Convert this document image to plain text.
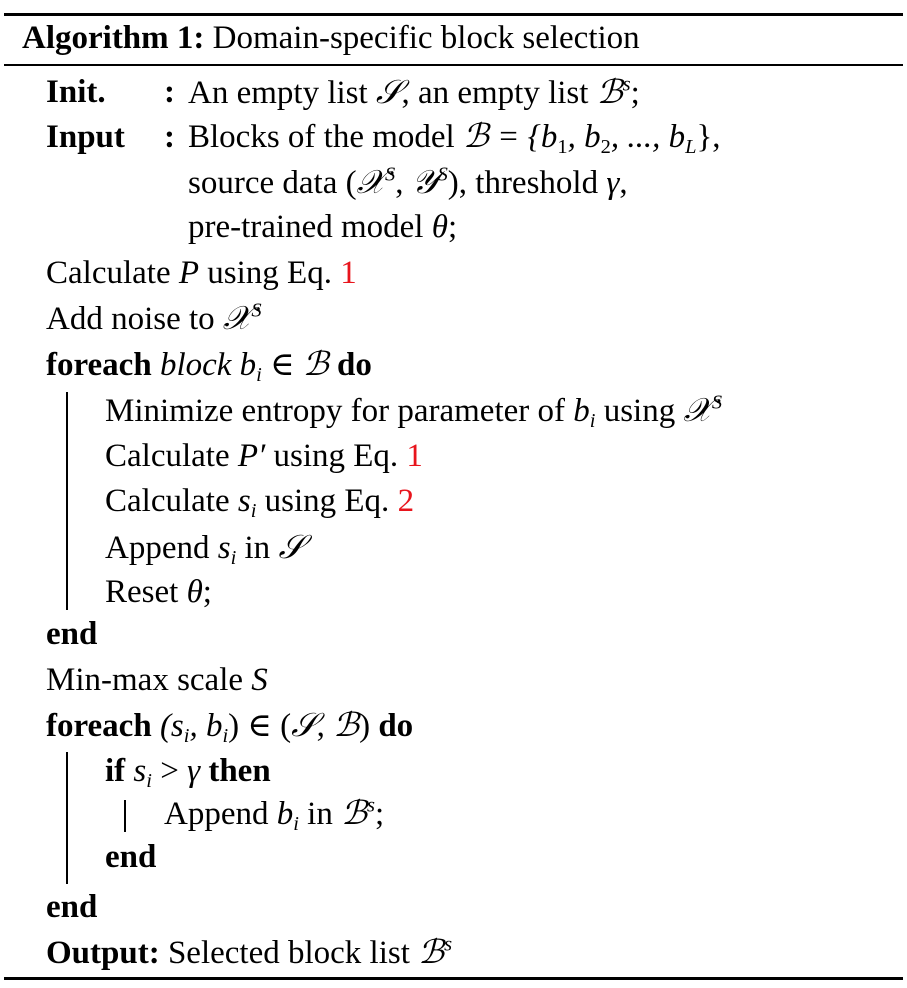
Algorithm 1: Domain-specific block selection
Init. : An empty list 𝒮, an empty list ℬ$^s$;
Input : Blocks of the model ℬ = {$b_1$, $b_2$, ..., $b_L$},
source data (𝒳$^S$, 𝒴$^S$), threshold γ,
pre-trained model θ;
Calculate P using Eq. 1
Add noise to 𝒳$^S$
foreach block $b_i$ ∈ ℬ do
Minimize entropy for parameter of $b_i$ using 𝒳$^S$
Calculate P′ using Eq. 1
Calculate $s_i$ using Eq. 2
Append $s_i$ in 𝒮
Reset θ;
end
Min-max scale S
foreach ($s_i$, $b_i$) ∈ (𝒮, ℬ) do
if $s_i > \gamma$ then
Append $b_i$ in ℬ$^s$;
end
end
Output: Selected block list ℬ$^s$
